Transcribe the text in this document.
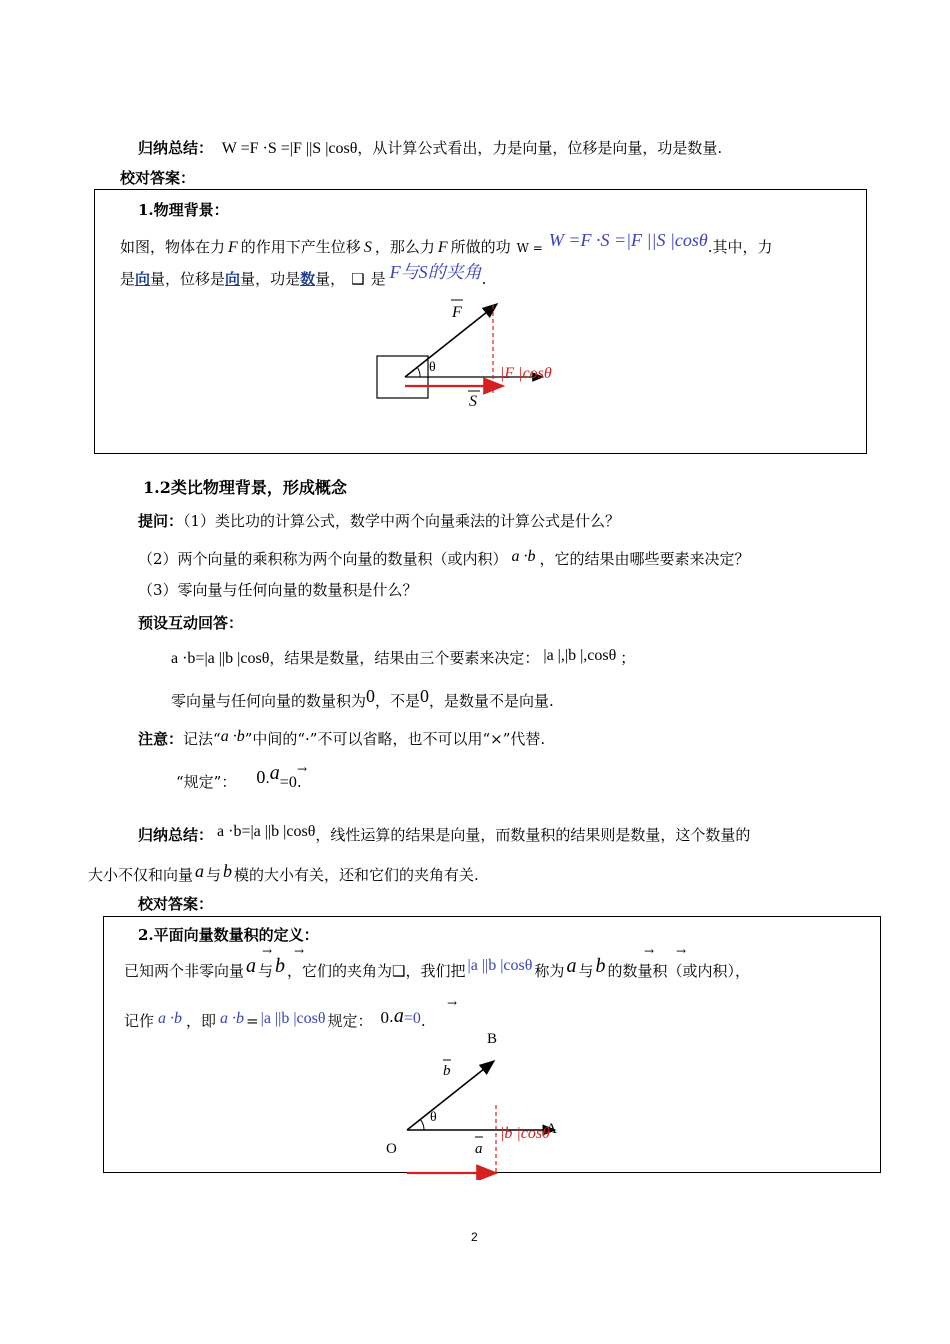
归纳总结： W =F ·S =|F ||S |cosθ，从计算公式看出，力是向量，位移是向量，功是数量.
校对答案：
1.物理背景：
如图，物体在力 F 的作用下产生位移 S ，那么力 F 所做的功 W = W =F ·S =|F ||S |cosθ.其中，力
是向量，位移是向量，功是数量， ❑ 是 F与S的夹角.
F
θ
S
|F |cosθ
1.2类比物理背景，形成概念
提问：（1）类比功的计算公式，数学中两个向量乘法的计算公式是什么？
（2）两个向量的乘积称为两个向量的数量积（或内积） a ·b ，它的结果由哪些要素来决定？
（3）零向量与任何向量的数量积是什么？
预设互动回答：
a ·b=|a ||b |cosθ，结果是数量，结果由三个要素来决定： |a |,|b |,cosθ ；
零向量与任何向量的数量积为0，不是0，是数量不是向量.
注意：记法“a ·b”中间的“·”不可以省略，也不可以用“×”代替.
“规定”： 0·a=0.
→
归纳总结： a ·b=|a ||b |cosθ，线性运算的结果是向量，而数量积的结果则是数量，这个数量的
大小不仅和向量 a 与 b 模的大小有关，还和它们的夹角有关.
校对答案：
2.平面向量数量积的定义：
已知两个非零向量 a 与 b ，它们的夹角为❑，我们把 |a ||b |cosθ 称为 a 与 b 的数量积（或内积），
→ →	→ →
记作 a ·b ，即 a ·b = |a ||b |cosθ 规定： 0·a=0.
→
B
b
θ
A
O	a
|b |cosθ
2
